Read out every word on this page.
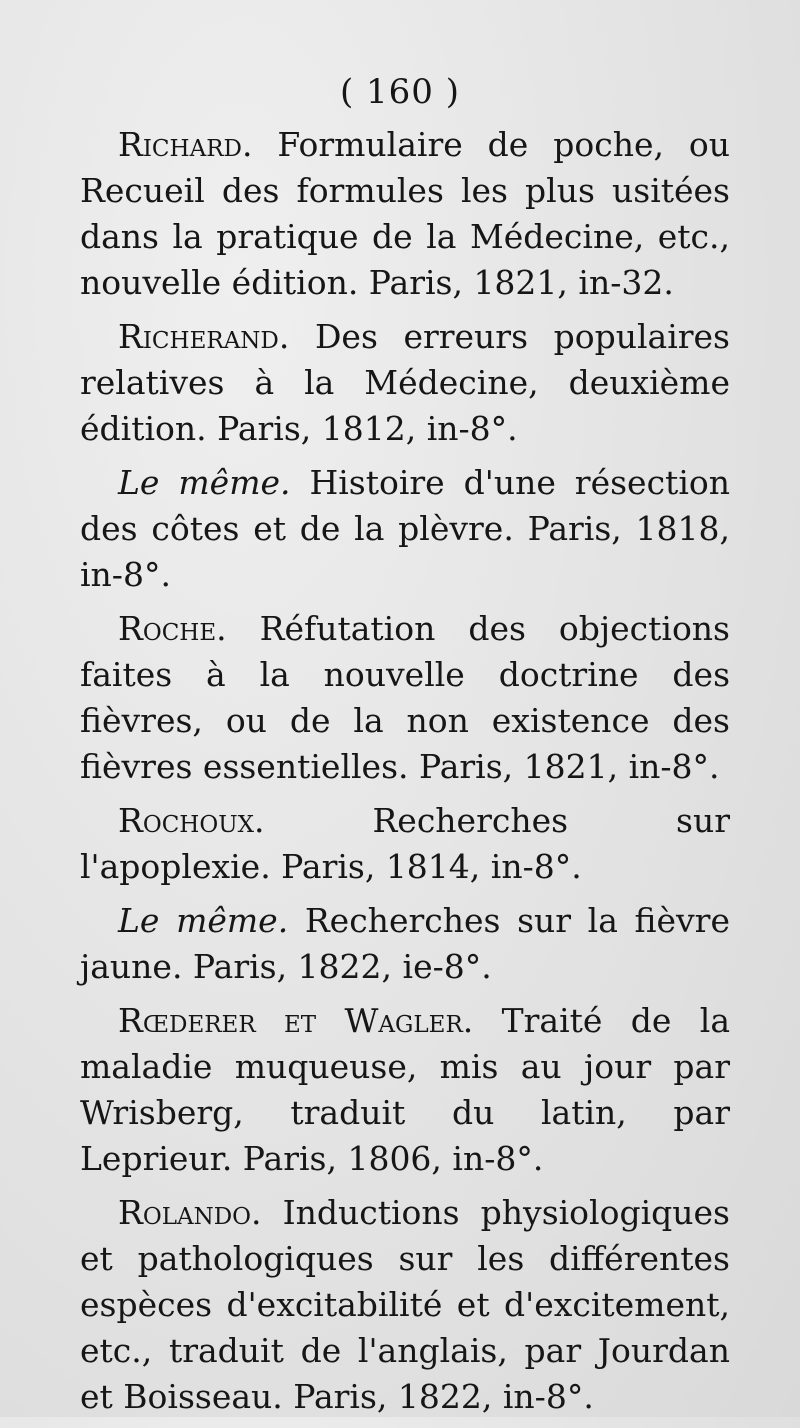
( 160 )

Richard. Formulaire de poche, ou Recueil des formules les plus usitées dans la pratique de la Médecine, etc., nouvelle édition. Paris, 1821, in-32.

Richerand. Des erreurs populaires relatives à la Médecine, deuxième édition. Paris, 1812, in-8°.

Le même. Histoire d'une résection des côtes et de la plèvre. Paris, 1818, in-8°.

Roche. Réfutation des objections faites à la nouvelle doctrine des fièvres, ou de la non existence des fièvres essentielles. Paris, 1821, in-8°.

Rochoux.	Recherches sur l'apoplexie. Paris, 1814, in-8°.

Le même. Recherches sur la fièvre jaune. Paris, 1822, ie-8°.

Rœderer et Wagler. Traité de la maladie muqueuse, mis au jour par Wrisberg, traduit du latin, par Leprieur. Paris, 1806, in-8°.

Rolando. Inductions physiologiques et pathologiques sur les différentes espèces d'excitabilité et d'excitement, etc., traduit de l'anglais, par Jourdan et Boisseau. Paris, 1822, in-8°.
